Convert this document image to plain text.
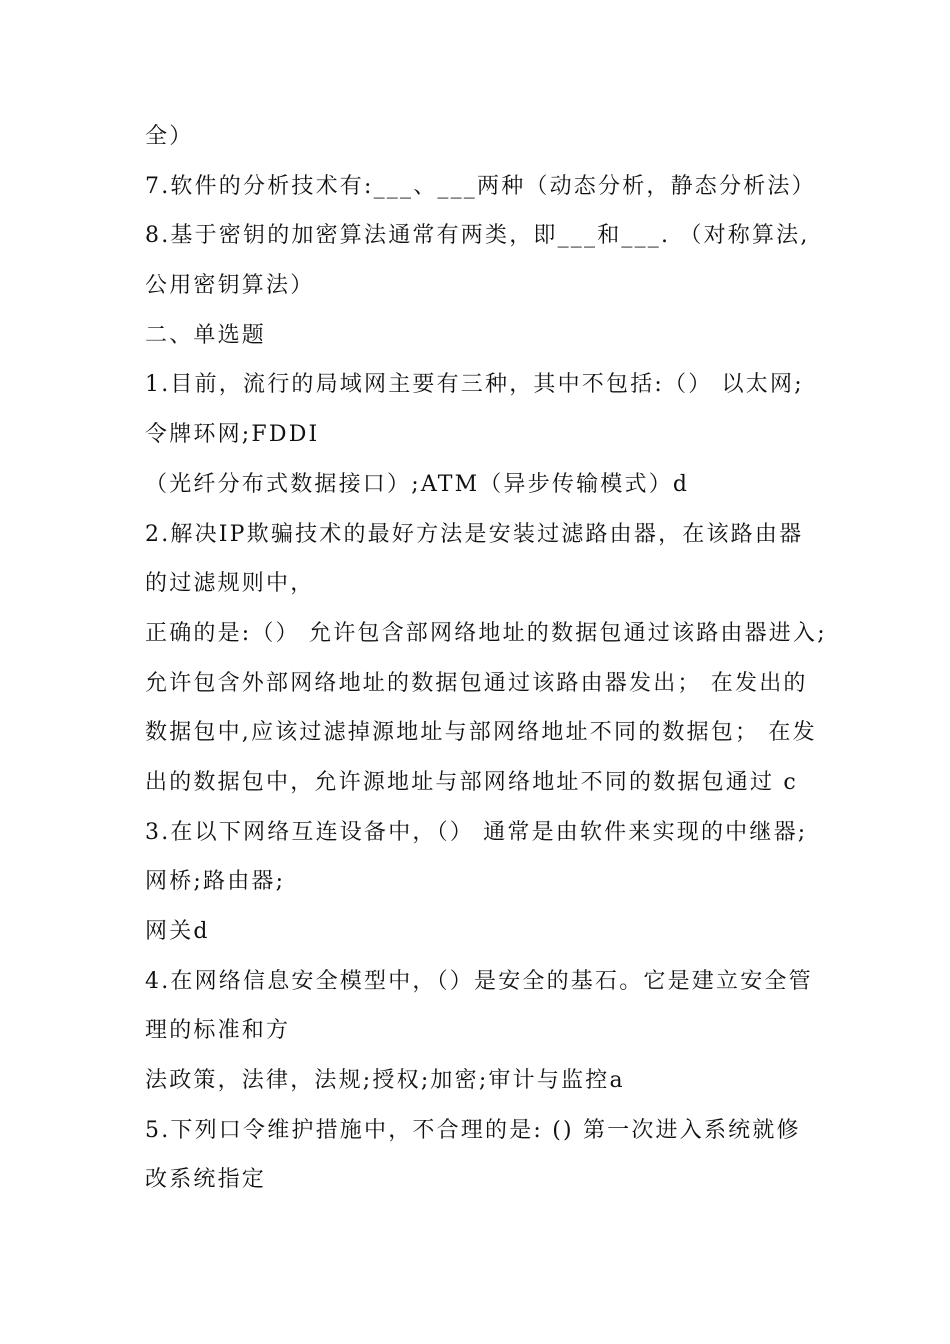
全）
7.软件的分析技术有:___、___两种（动态分析，静态分析法）
8.基于密钥的加密算法通常有两类，即___和___. （对称算法,
公用密钥算法）
二、单选题
1.目前，流行的局域网主要有三种，其中不包括:（） 以太网;
令牌环网;FDDI
（光纤分布式数据接口）;ATM（异步传输模式）d
2.解决IP欺骗技术的最好方法是安装过滤路由器，在该路由器
的过滤规则中，
正确的是:（） 允许包含部网络地址的数据包通过该路由器进入;
允许包含外部网络地址的数据包通过该路由器发出； 在发出的
数据包中,应该过滤掉源地址与部网络地址不同的数据包； 在发
出的数据包中，允许源地址与部网络地址不同的数据包通过 c
3.在以下网络互连设备中，（） 通常是由软件来实现的中继器;
网桥;路由器;
网关d
4.在网络信息安全模型中，（）是安全的基石。它是建立安全管
理的标准和方
法政策，法律，法规;授权;加密;审计与监控a
5.下列口令维护措施中，不合理的是: () 第一次进入系统就修
改系统指定
